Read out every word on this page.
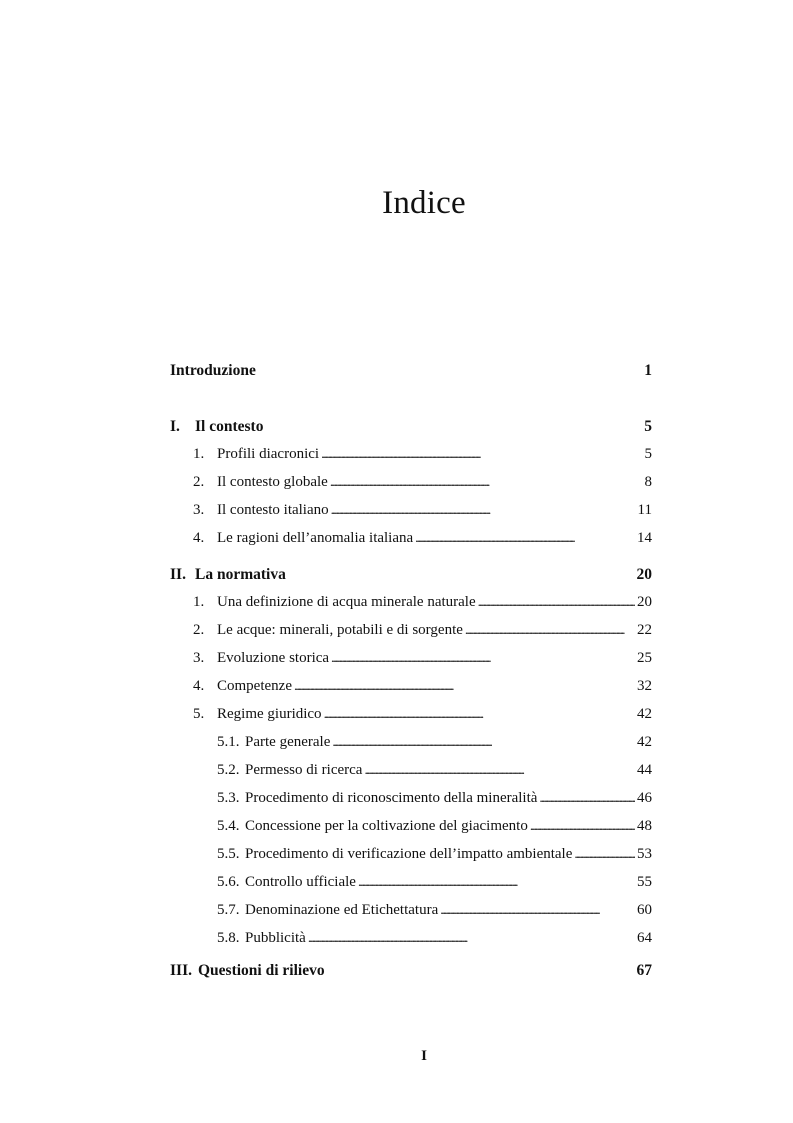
Indice
Introduzione	1
I. Il contesto	5
1. Profili diacronici . . .	5
2. Il contesto globale . . .	8
3. Il contesto italiano . . .	11
4. Le ragioni dell’anomalia italiana . . .	14
II. La normativa	20
1. Una definizione di acqua minerale naturale . . .	20
2. Le acque: minerali, potabili e di sorgente . . .	22
3. Evoluzione storica . . .	25
4. Competenze . . .	32
5. Regime giuridico . . .	42
5.1. Parte generale . . .	42
5.2. Permesso di ricerca . . .	44
5.3. Procedimento di riconoscimento della mineralità . . .	46
5.4. Concessione per la coltivazione del giacimento . . .	48
5.5. Procedimento di verificazione dell’impatto ambientale . . .	53
5.6. Controllo ufficiale . . .	55
5.7. Denominazione ed Etichettatura . . .	60
5.8. Pubblicità . . .	64
III. Questioni di rilievo	67
I
